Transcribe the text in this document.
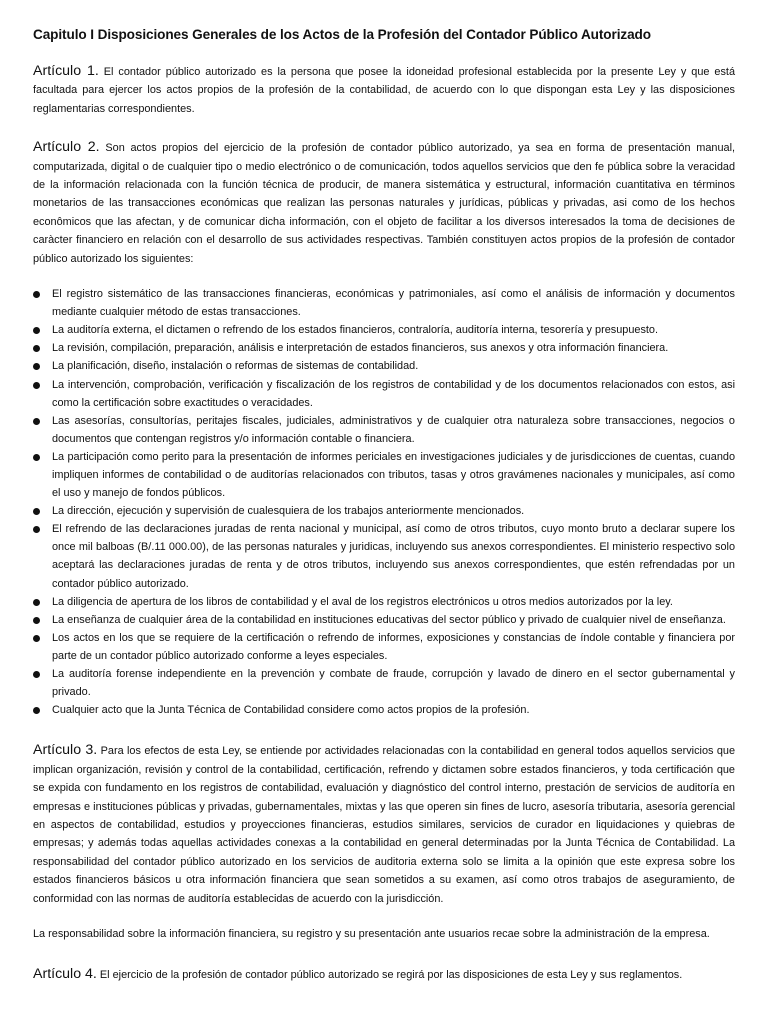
Capitulo I Disposiciones Generales de los Actos de la Profesión del Contador Público Autorizado

Artículo 1. El contador público autorizado es la persona que posee la idoneidad profesional establecida por la presente Ley y que está facultada para ejercer los actos propios de la profesión de la contabilidad, de acuerdo con lo que dispongan esta Ley y las disposiciones reglamentarias correspondientes.

Artículo 2. Son actos propios del ejercicio de la profesión de contador público autorizado, ya sea en forma de presentación manual, computarizada, digital o de cualquier tipo o medio electrónico o de comunicación, todos aquellos servicios que den fe pública sobre la veracidad de la información relacionada con la función técnica de producir, de manera sistemática y estructural, información cuantitativa en términos monetarios de las transacciones económicas que realizan las personas naturales y jurídicas, públicas y privadas, asi como de los hechos econômicos que las afectan, y de comunicar dicha información, con el objeto de facilitar a los diversos interesados la toma de decisiones de caràcter financiero en relación con el desarrollo de sus actividades respectivas. También constituyen actos propios de la profesión de contador público autorizado los siguientes:

El registro sistemático de las transacciones financieras, económicas y patrimoniales, así como el análisis de información y documentos mediante cualquier método de estas transacciones.
La auditoría externa, el dictamen o refrendo de los estados financieros, contraloría, auditoría interna, tesorería y presupuesto.
La revisión, compilación, preparación, análisis e interpretación de estados financieros, sus anexos y otra información financiera.
La planificación, diseño, instalación o reformas de sistemas de contabilidad.
La intervención, comprobación, verificación y fiscalización de los registros de contabilidad y de los documentos relacionados con estos, asi como la certificación sobre exactitudes o veracidades.
Las asesorías, consultorías, peritajes fiscales, judiciales, administrativos y de cualquier otra naturaleza sobre transacciones, negocios o documentos que contengan registros y/o información contable o financiera.
La participación como perito para la presentación de informes periciales en investigaciones judiciales y de jurisdicciones de cuentas, cuando impliquen informes de contabilidad o de auditorías relacionados con tributos, tasas y otros gravámenes nacionales y municipales, así como el uso y manejo de fondos públicos.
La dirección, ejecución y supervisión de cualesquiera de los trabajos anteriormente mencionados.
El refrendo de las declaraciones juradas de renta nacional y municipal, así como de otros tributos, cuyo monto bruto a declarar supere los once mil balboas (B/.11 000.00), de las personas naturales y juridicas, incluyendo sus anexos correspondientes. El ministerio respectivo solo aceptará las declaraciones juradas de renta y de otros tributos, incluyendo sus anexos correspondientes, que estén refrendadas por un contador público autorizado.
La diligencia de apertura de los libros de contabilidad y el aval de los registros electrónicos u otros medios autorizados por la ley.
La enseñanza de cualquier área de la contabilidad en instituciones educativas del sector público y privado de cualquier nivel de enseñanza.
Los actos en los que se requiere de la certificación o refrendo de informes, exposiciones y constancias de índole contable y financiera por parte de un contador público autorizado conforme a leyes especiales.
La auditoría forense independiente en la prevención y combate de fraude, corrupción y lavado de dinero en el sector gubernamental y privado.
Cualquier acto que la Junta Técnica de Contabilidad considere como actos propios de la profesión.

Artículo 3. Para los efectos de esta Ley, se entiende por actividades relacionadas con la contabilidad en general todos aquellos servicios que implican organización, revisión y control de la contabilidad, certificación, refrendo y dictamen sobre estados financieros, y toda certificación que se expida con fundamento en los registros de contabilidad, evaluación y diagnóstico del control interno, prestación de servicios de auditoría en empresas e instituciones públicas y privadas, gubernamentales, mixtas y las que operen sin fines de lucro, asesoría tributaria, asesoría gerencial en aspectos de contabilidad, estudios y proyecciones financieras, estudios similares, servicios de curador en liquidaciones y quiebras de empresas; y además todas aquellas actividades conexas a la contabilidad en general determinadas por la Junta Técnica de Contabilidad. La responsabilidad del contador público autorizado en los servicios de auditoria externa solo se limita a la opinión que este expresa sobre los estados financieros básicos u otra información financiera que sean sometidos a su examen, así como otros trabajos de aseguramiento, de conformidad con las normas de auditoría establecidas de acuerdo con la jurisdicción.

La responsabilidad sobre la información financiera, su registro y su presentación ante usuarios recae sobre la administración de la empresa.

Artículo 4. El ejercicio de la profesión de contador público autorizado se regirá por las disposiciones de esta Ley y sus reglamentos.
